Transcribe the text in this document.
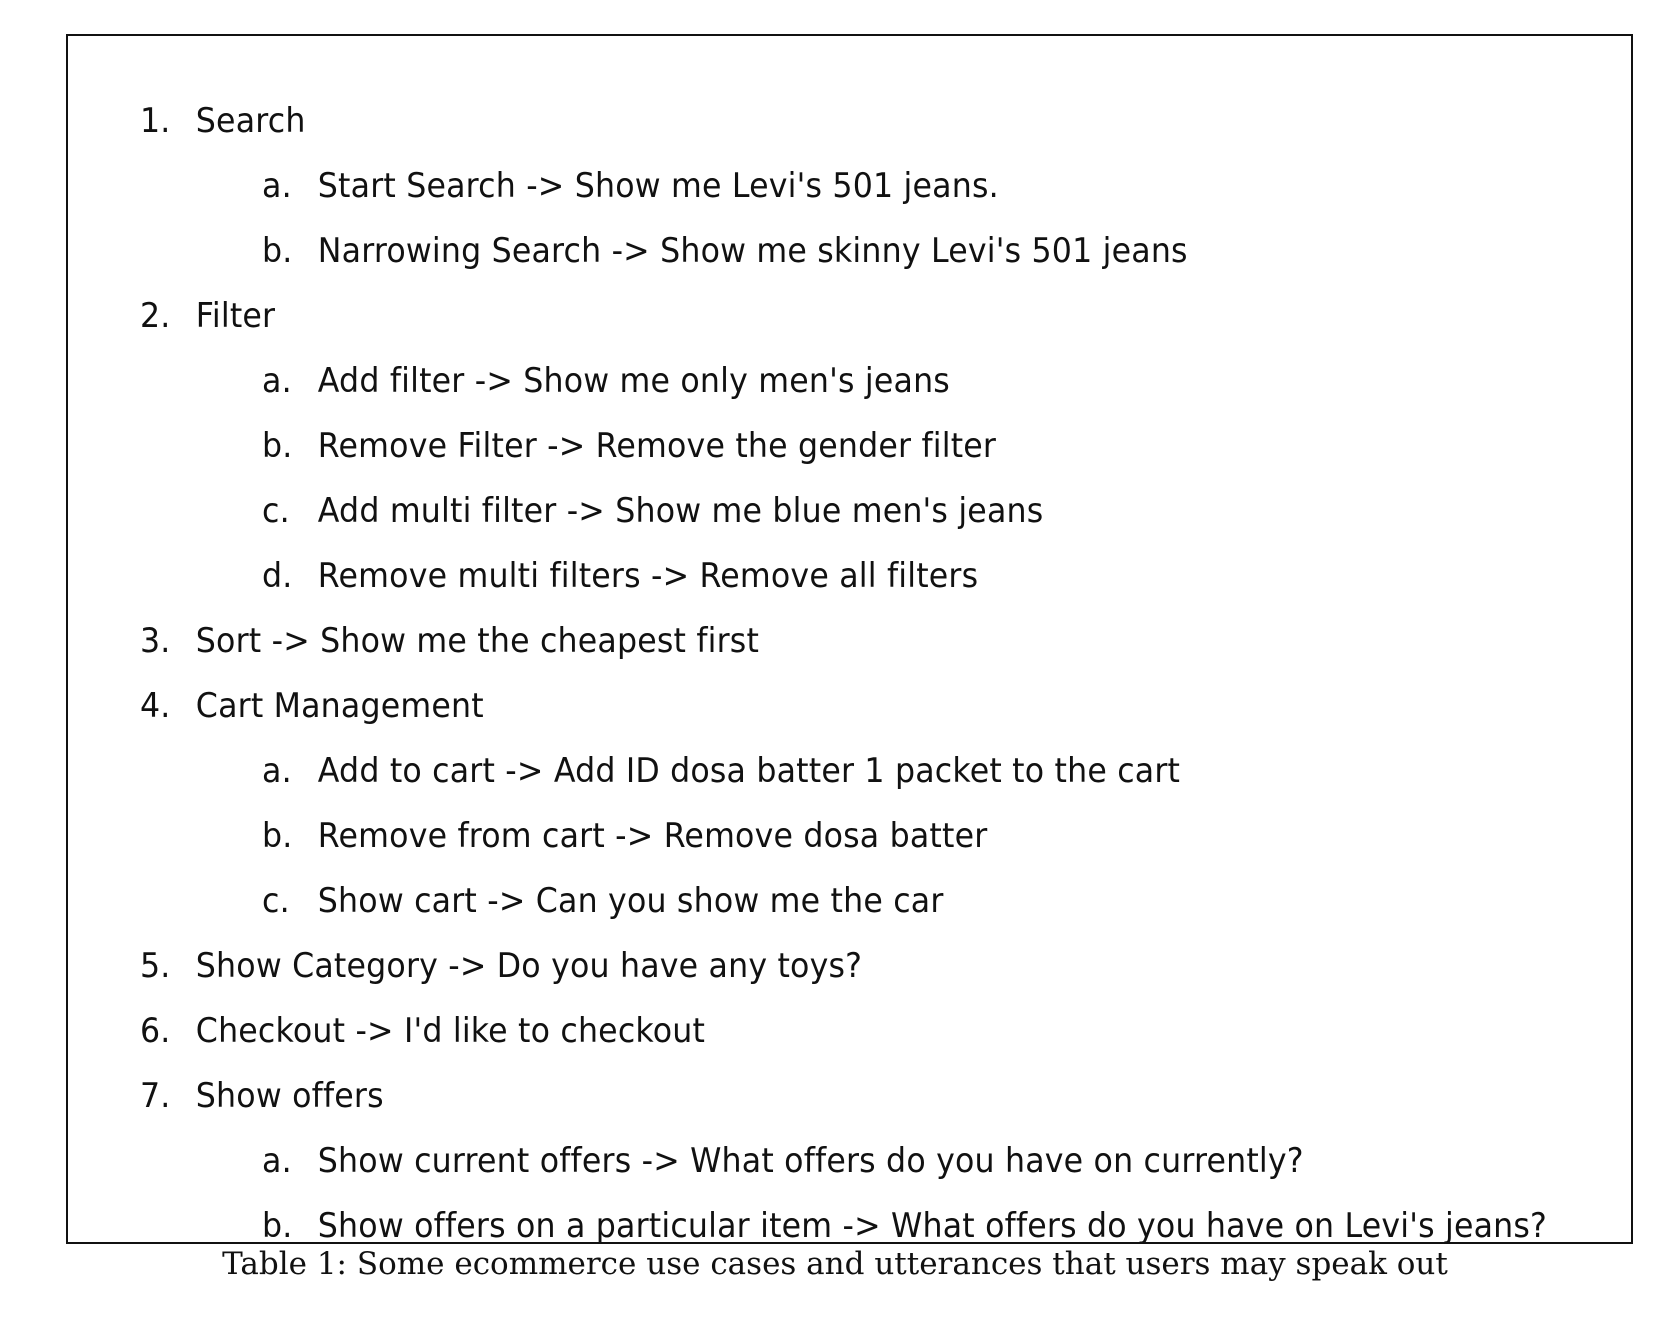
1. Search
a. Start Search -> Show me Levi's 501 jeans.
b. Narrowing Search -> Show me skinny Levi's 501 jeans
2. Filter
a. Add filter -> Show me only men's jeans
b. Remove Filter -> Remove the gender filter
c. Add multi filter -> Show me blue men's jeans
d. Remove multi filters -> Remove all filters
3. Sort -> Show me the cheapest first
4. Cart Management
a. Add to cart -> Add ID dosa batter 1 packet to the cart
b. Remove from cart -> Remove dosa batter
c. Show cart -> Can you show me the car
5. Show Category -> Do you have any toys?
6. Checkout -> I'd like to checkout
7. Show offers
a. Show current offers -> What offers do you have on currently?
b. Show offers on a particular item -> What offers do you have on Levi's jeans?
Table 1: Some ecommerce use cases and utterances that users may speak out
